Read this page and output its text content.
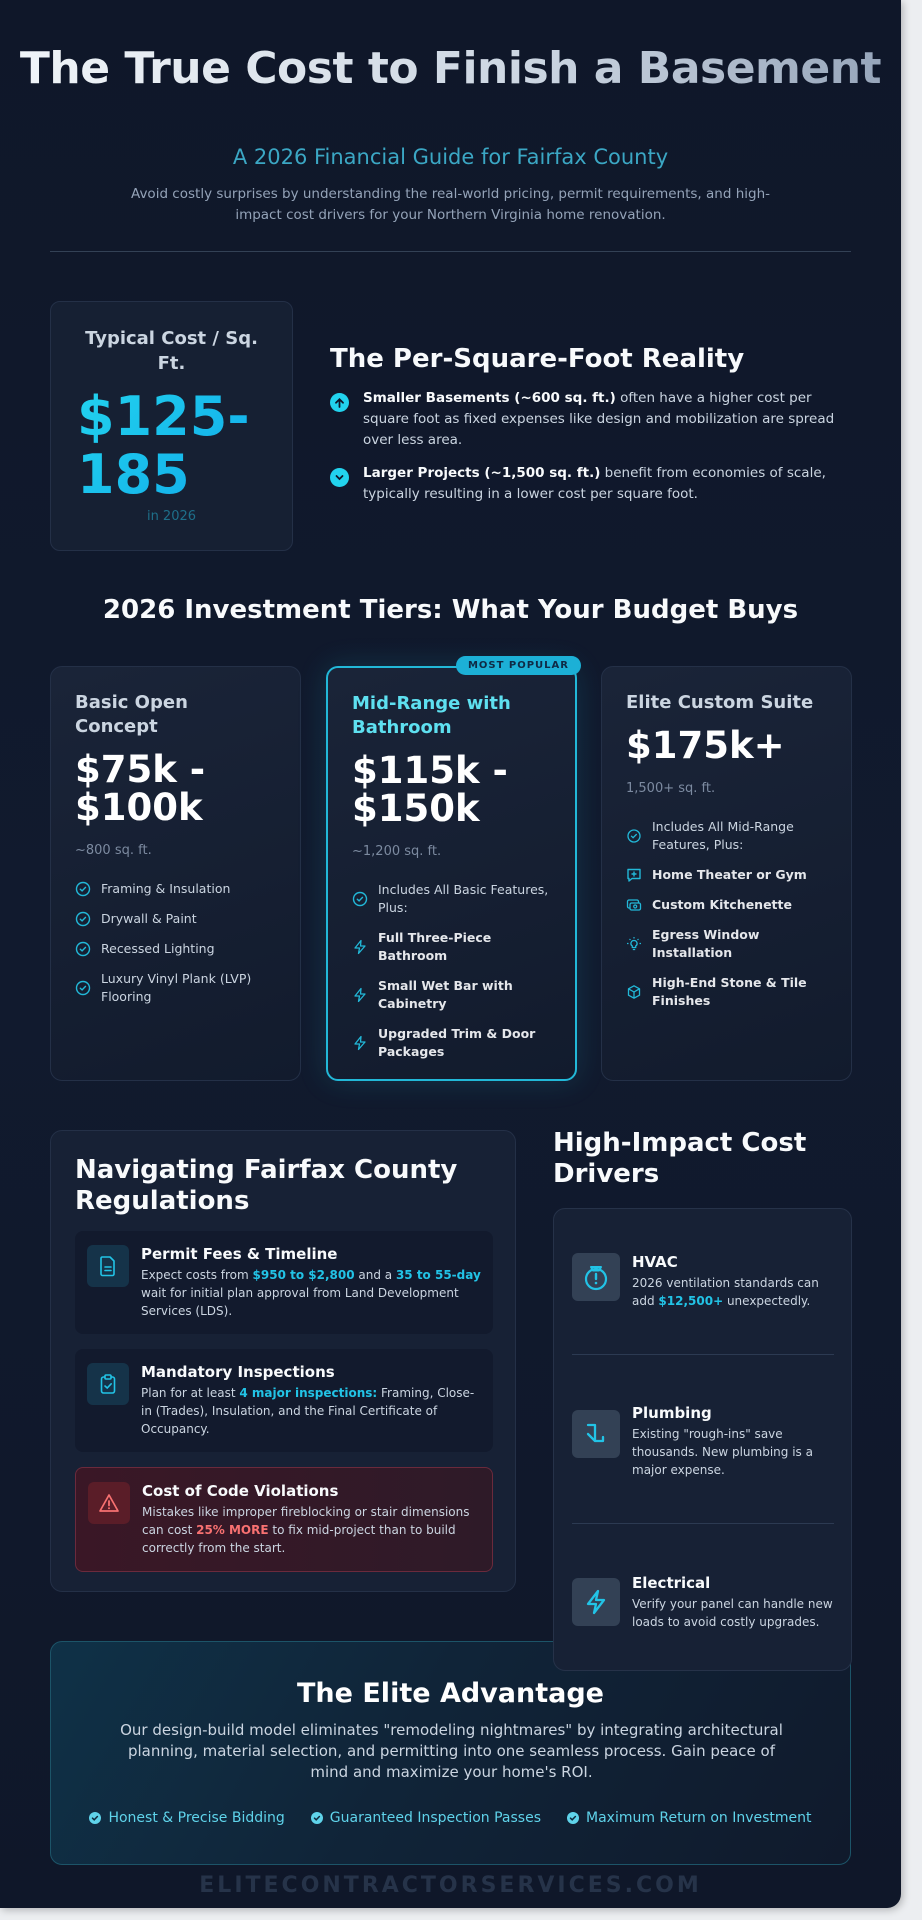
The True Cost to Finish a Basement
A 2026 Financial Guide for Fairfax County

Avoid costly surprises by understanding the real-world pricing, permit requirements, and high-impact cost drivers for your Northern Virginia home renovation.

Typical Cost / Sq. Ft.
$125-185
in 2026
The Per-Square-Foot Reality
Smaller Basements (~600 sq. ft.) often have a higher cost per square foot as fixed expenses like design and mobilization are spread over less area.
Larger Projects (~1,500 sq. ft.) benefit from economies of scale, typically resulting in a lower cost per square foot.
2026 Investment Tiers: What Your Budget Buys
Basic Open Concept
$75k - $100k
~800 sq. ft.
Framing & Insulation
Drywall & Paint
Recessed Lighting
Luxury Vinyl Plank (LVP) Flooring
MOST POPULAR
Mid-Range with Bathroom
$115k - $150k
~1,200 sq. ft.
Includes All Basic Features, Plus:
Full Three-Piece Bathroom
Small Wet Bar with Cabinetry
Upgraded Trim & Door Packages
Elite Custom Suite
$175k+
1,500+ sq. ft.
Includes All Mid-Range Features, Plus:
Home Theater or Gym
Custom Kitchenette
Egress Window Installation
High-End Stone & Tile Finishes
Navigating Fairfax County Regulations
Permit Fees & Timeline

Expect costs from $950 to $2,800 and a 35 to 55-day wait for initial plan approval from Land Development Services (LDS).

Mandatory Inspections

Plan for at least 4 major inspections: Framing, Close-in (Trades), Insulation, and the Final Certificate of Occupancy.

Cost of Code Violations

Mistakes like improper fireblocking or stair dimensions can cost 25% MORE to fix mid-project than to build correctly from the start.

High-Impact Cost Drivers
HVAC

2026 ventilation standards can add $12,500+ unexpectedly.

Plumbing

Existing "rough-ins" save thousands. New plumbing is a major expense.

Electrical

Verify your panel can handle new loads to avoid costly upgrades.

The Elite Advantage

Our design-build model eliminates "remodeling nightmares" by integrating architectural planning, material selection, and permitting into one seamless process. Gain peace of mind and maximize your home's ROI.

Honest & Precise Bidding	Guaranteed Inspection Passes	Maximum Return on Investment
ELITECONTRACTORSERVICES.COM
